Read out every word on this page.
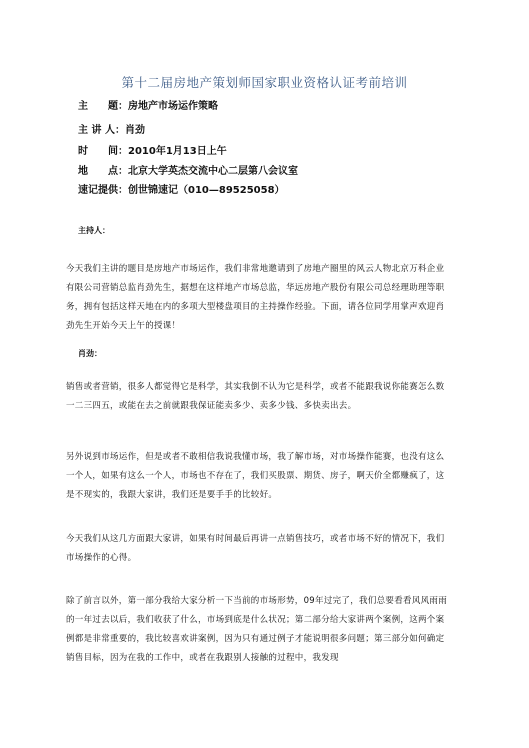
第十二届房地产策划师国家职业资格认证考前培训
主　　题：房地产市场运作策略
主 讲 人：肖劲
时　　间：2010年1月13日上午
地　　点：北京大学英杰交流中心二层第八会议室
速记提供：创世锦速记（010—89525058）
主持人：
今天我们主讲的题目是房地产市场运作，我们非常地邀请到了房地产圈里的风云人物北京万科企业有限公司营销总监肖劲先生，据想在这样地产市场总监，华远房地产股份有限公司总经理助理等职务，拥有包括这样天地在内的多项大型楼盘项目的主持操作经验。下面，请各位同学用掌声欢迎肖劲先生开始今天上午的授课！
肖劲：
销售或者营销，很多人都觉得它是科学，其实我倒不认为它是科学，或者不能跟我说你能赛怎么数一二三四五，或能在去之前就跟我保证能卖多少、卖多少钱、多快卖出去。
另外说到市场运作，但是或者不敢相信我说我懂市场，我了解市场，对市场操作能赛，也没有这么一个人，如果有这么一个人，市场也不存在了，我们买股票、期货、房子，啊天价全都赚疯了，这是不现实的，我跟大家讲，我们还是要手手的比较好。
今天我们从这几方面跟大家讲，如果有时间最后再讲一点销售技巧，或者市场不好的情况下，我们市场操作的心得。
除了前言以外，第一部分我给大家分析一下当前的市场形势，09年过完了，我们总要看看风风雨雨的一年过去以后，我们收获了什么，市场到底是什么状况；第二部分给大家讲两个案例，这两个案例都是非常重要的，我比较喜欢讲案例，因为只有通过例子才能说明很多问题；第三部分如何确定销售目标，因为在我的工作中，或者在我跟别人接触的过程中，我发现
